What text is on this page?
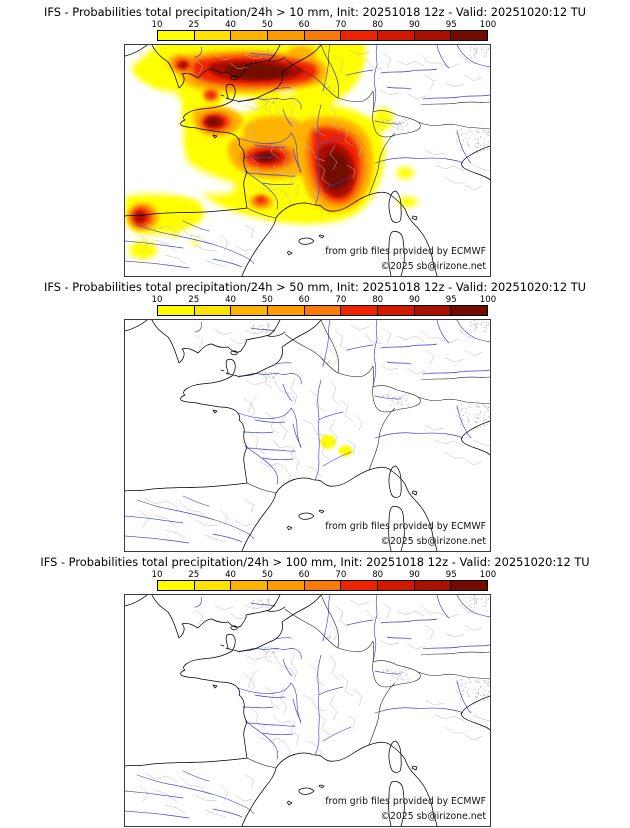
IFS - Probabilities total precipitation/24h > 10 mm, Init: 20251018 12z - Valid: 20251020:12 TU
10	25	40	50	60	70	80	90	95	100
from grib files provided by ECMWF
©2025 sb@irizone.net
IFS - Probabilities total precipitation/24h > 50 mm, Init: 20251018 12z - Valid: 20251020:12 TU
10	25	40	50	60	70	80	90	95	100
from grib files provided by ECMWF
©2025 sb@irizone.net
IFS - Probabilities total precipitation/24h > 100 mm, Init: 20251018 12z - Valid: 20251020:12 TU
10	25	40	50	60	70	80	90	95	100
from grib files provided by ECMWF
©2025 sb@irizone.net
